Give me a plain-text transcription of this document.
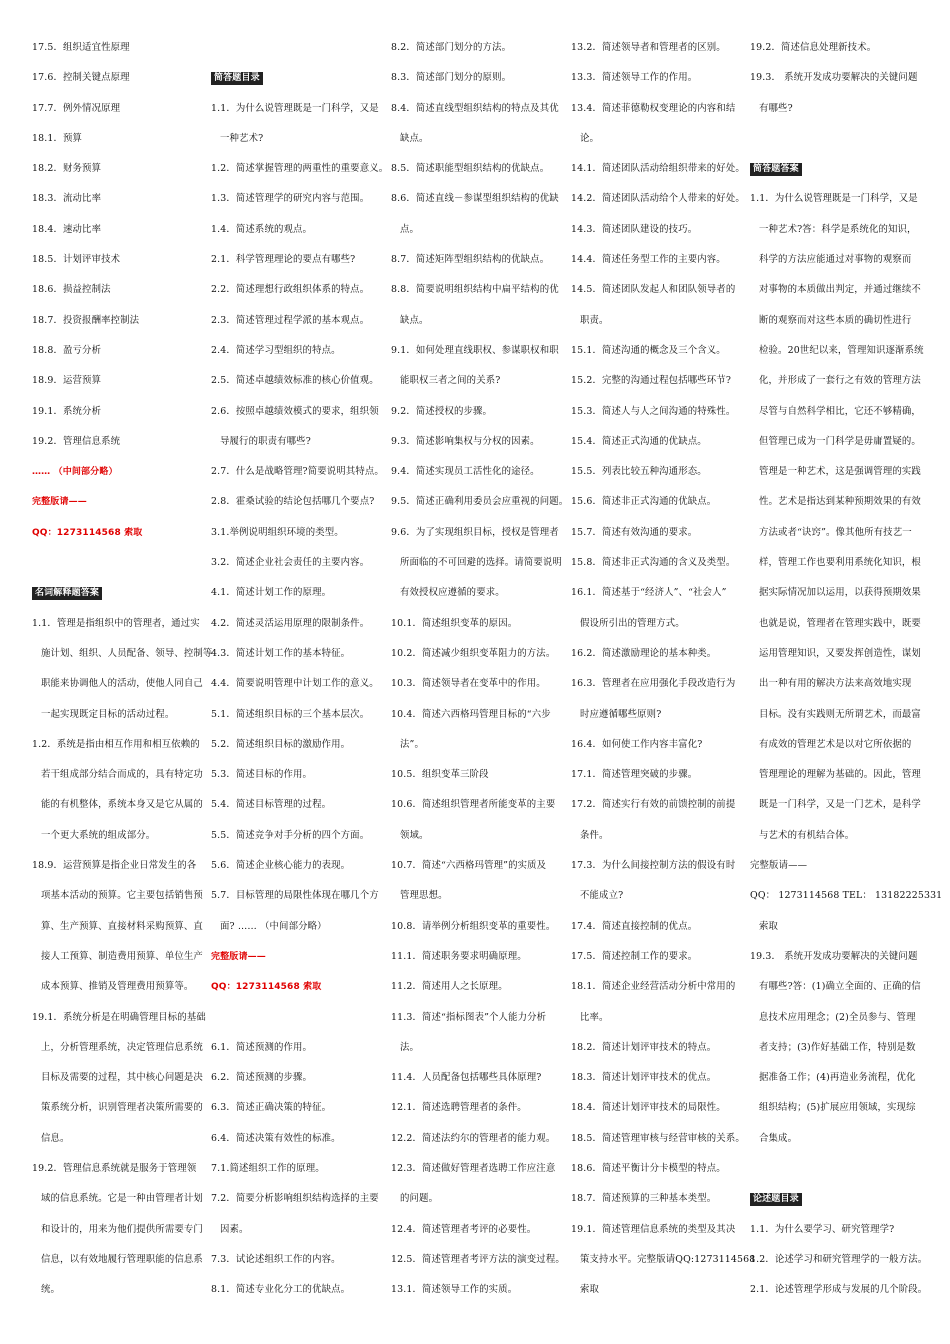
17.5．组织适宜性原理
17.6．控制关键点原理
17.7．例外情况原理
18.1．预算
18.2．财务预算
18.3．流动比率
18.4．速动比率
18.5．计划评审技术
18.6．损益控制法
18.7．投资报酬率控制法
18.8．盈亏分析
18.9．运营预算
19.1．系统分析
19.2．管理信息系统
…… （中间部分略）
完整版请——
QQ：1273114568 索取
名词解释题答案
1.1．管理是指组织中的管理者，通过实
施计划、组织、人员配备、领导、控制等
职能来协调他人的活动，使他人同自己
一起实现既定目标的活动过程。
1.2．系统是指由相互作用和相互依赖的
若干组成部分结合而成的，具有特定功
能的有机整体，系统本身又是它从属的
一个更大系统的组成部分。
18.9．运营预算是指企业日常发生的各
项基本活动的预算。它主要包括销售预
算、生产预算、直接材料采购预算、直
接人工预算、制造费用预算、单位生产
成本预算、推销及管理费用预算等。
19.1．系统分析是在明确管理目标的基础
上，分析管理系统，决定管理信息系统
目标及需要的过程，其中核心问题是决
策系统分析，识别管理者决策所需要的
信息。
19.2．管理信息系统就是服务于管理领
域的信息系统。它是一种由管理者计划
和设计的，用来为他们提供所需要专门
信息，以有效地履行管理职能的信息系
统。
简答题目录
1.1．为什么说管理既是一门科学，又是
一种艺术?
1.2．简述掌握管理的两重性的重要意义。
1.3．简述管理学的研究内容与范围。
1.4．简述系统的观点。
2.1．科学管理理论的要点有哪些?
2.2．简述理想行政组织体系的特点。
2.3．简述管理过程学派的基本观点。
2.4．简述学习型组织的特点。
2.5．简述卓越绩效标准的核心价值观。
2.6．按照卓越绩效模式的要求，组织领
导履行的职责有哪些?
2.7．什么是战略管理?简要说明其特点。
2.8．霍桑试验的结论包括哪几个要点?
3.1.举例说明组织环境的类型。
3.2．简述企业社会责任的主要内容。
4.1．简述计划工作的原理。
4.2．简述灵活运用原理的限制条件。
4.3．简述计划工作的基本特征。
4.4．简要说明管理中计划工作的意义。
5.1．简述组织目标的三个基本层次。
5.2．简述组织目标的激励作用。
5.3．简述目标的作用。
5.4．简述目标管理的过程。
5.5．简述竞争对手分析的四个方面。
5.6．简述企业核心能力的表现。
5.7．目标管理的局限性体现在哪几个方
面? …… （中间部分略）
完整版请——
QQ：1273114568 索取
6.1．简述预测的作用。
6.2．简述预测的步骤。
6.3．简述正确决策的特征。
6.4．简述决策有效性的标准。
7.1.简述组织工作的原理。
7.2．简要分析影响组织结构选择的主要
因素。
7.3．试论述组织工作的内容。
8.1．简述专业化分工的优缺点。
8.2．简述部门划分的方法。
8.3．简述部门划分的原则。
8.4．简述直线型组织结构的特点及其优
缺点。
8.5．简述职能型组织结构的优缺点。
8.6．简述直线－参谋型组织结构的优缺
点。
8.7．简述矩阵型组织结构的优缺点。
8.8．简要说明组织结构中扁平结构的优
缺点。
9.1．如何处理直线职权、参谋职权和职
能职权三者之间的关系?
9.2．简述授权的步骤。
9.3．简述影响集权与分权的因素。
9.4．简述实现员工活性化的途径。
9.5．简述正确利用委员会应重视的问题。
9.6．为了实现组织目标，授权是管理者
所面临的不可回避的选择。请简要说明
有效授权应遵循的要求。
10.1．简述组织变革的原因。
10.2．简述减少组织变革阻力的方法。
10.3．简述领导者在变革中的作用。
10.4．简述六西格玛管理目标的“六步
法”。
10.5．组织变革三阶段
10.6．简述组织管理者所能变革的主要
领域。
10.7．简述“六西格玛管理”的实质及
管理思想。
10.8．请举例分析组织变革的重要性。
11.1．简述职务要求明确原理。
11.2．简述用人之长原理。
11.3．简述“指标图表”个人能力分析
法。
11.4．人员配备包括哪些具体原理?
12.1．简述选聘管理者的条件。
12.2．简述法约尔的管理者的能力观。
12.3．简述做好管理者选聘工作应注意
的问题。
12.4．简述管理者考评的必要性。
12.5．简述管理者考评方法的演变过程。
13.1．简述领导工作的实质。
13.2．简述领导者和管理者的区别。
13.3．简述领导工作的作用。
13.4．简述菲德勒权变理论的内容和结
论。
14.1．简述团队活动给组织带来的好处。
14.2．简述团队活动给个人带来的好处。
14.3．简述团队建设的技巧。
14.4．简述任务型工作的主要内容。
14.5．简述团队发起人和团队领导者的
职责。
15.1．简述沟通的概念及三个含义。
15.2．完整的沟通过程包括哪些环节?
15.3．简述人与人之间沟通的特殊性。
15.4．简述正式沟通的优缺点。
15.5．列表比较五种沟通形态。
15.6．简述非正式沟通的优缺点。
15.7．简述有效沟通的要求。
15.8．简述非正式沟通的含义及类型。
16.1．简述基于“经济人”、“社会人”
假设所引出的管理方式。
16.2．简述激励理论的基本种类。
16.3．管理者在应用强化手段改造行为
时应遵循哪些原则?
16.4．如何使工作内容丰富化?
17.1．简述管理突破的步骤。
17.2．简述实行有效的前馈控制的前提
条件。
17.3．为什么间接控制方法的假设有时
不能成立?
17.4．简述直接控制的优点。
17.5．简述控制工作的要求。
18.1．简述企业经营活动分析中常用的
比率。
18.2．简述计划评审技术的特点。
18.3．简述计划评审技术的优点。
18.4．简述计划评审技术的局限性。
18.5．简述管理审核与经营审核的关系。
18.6．简述平衡计分卡模型的特点。
18.7．简述预算的三种基本类型。
19.1．简述管理信息系统的类型及其决
策支持水平。完整版请QQ:1273114568
索取
19.2．简述信息处理新技术。
19.3． 系统开发成功要解决的关键问题
有哪些?
简答题答案
1.1．为什么说管理既是一门科学，又是
一种艺术?答：科学是系统化的知识，
科学的方法应能通过对事物的观察而
对事物的本质做出判定，并通过继续不
断的观察而对这些本质的确切性进行
检验。20世纪以来，管理知识逐渐系统
化，并形成了一套行之有效的管理方法
尽管与自然科学相比，它还不够精确，
但管理已成为一门科学是毋庸置疑的。
管理是一种艺术，这是强调管理的实践
性。艺术是指达到某种预期效果的有效
方法或者“诀窍”。像其他所有技艺一
样，管理工作也要利用系统化知识，根
据实际情况加以运用，以获得预期效果
也就是说，管理者在管理实践中，既要
运用管理知识，又要发挥创造性，谋划
出一种有用的解决方法来高效地实现
目标。没有实践则无所谓艺术，而最富
有成效的管理艺术是以对它所依据的
管理理论的理解为基础的。因此，管理
既是一门科学，又是一门艺术，是科学
与艺术的有机结合体。
完整版请——
QQ： 1273114568 TEL： 13182225331
索取
19.3． 系统开发成功要解决的关键问题
有哪些?答：(1)确立全面的、正确的信
息技术应用理念；(2)全员参与、管理
者支持；(3)作好基础工作，特别是数
据准备工作；(4)再造业务流程，优化
组织结构；(5)扩展应用领域，实现综
合集成。
论述题目录
1.1．为什么要学习、研究管理学?
1.2．论述学习和研究管理学的一般方法。
2.1．论述管理学形成与发展的几个阶段。
